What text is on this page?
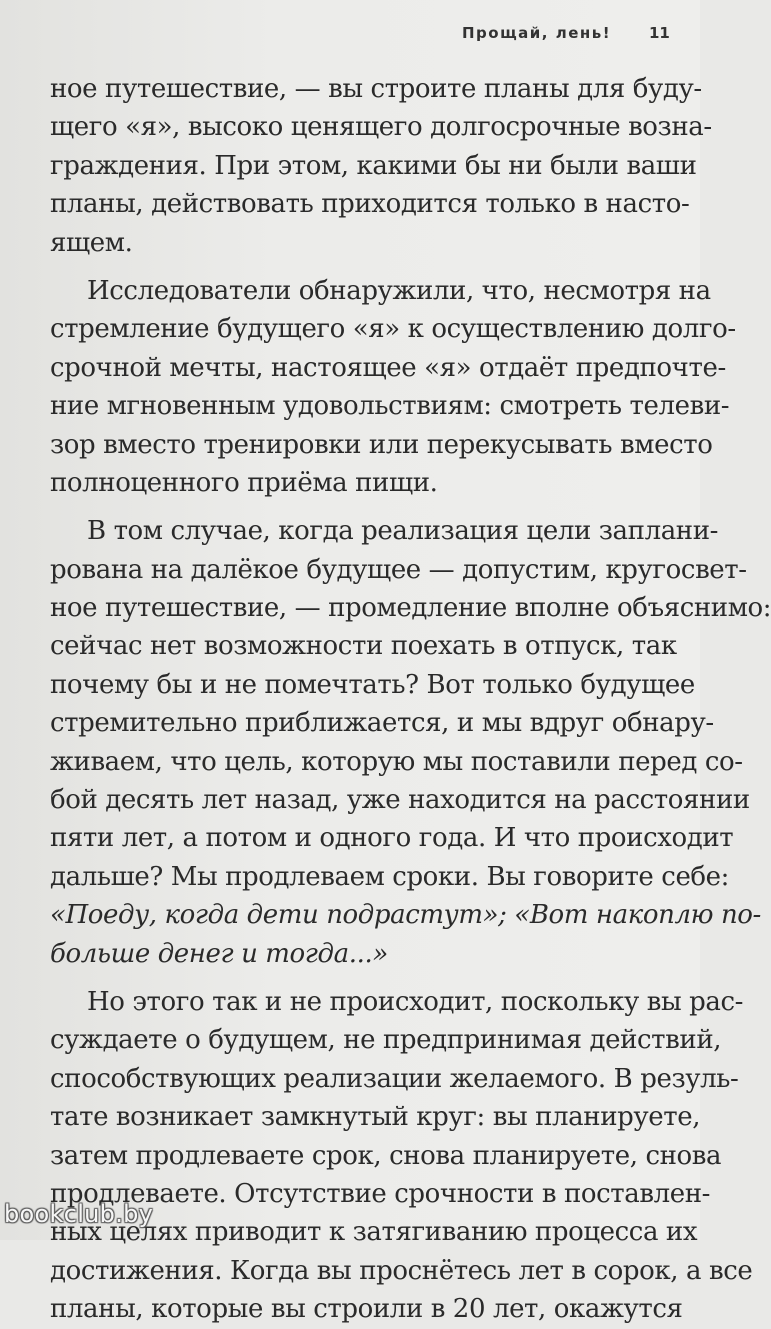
Прощай, лень!	11
ное путешествие, — вы строите планы для буду-
щего «я», высоко ценящего долгосрочные возна-
граждения. При этом, какими бы ни были ваши
планы, действовать приходится только в насто-
ящем.
Исследователи обнаружили, что, несмотря на
стремление будущего «я» к осуществлению долго-
срочной мечты, настоящее «я» отдаёт предпочте-
ние мгновенным удовольствиям: смотреть телеви-
зор вместо тренировки или перекусывать вместо
полноценного приёма пищи.
В том случае, когда реализация цели заплани-
рована на далёкое будущее — допустим, кругосвет-
ное путешествие, — промедление вполне объяснимо:
сейчас нет возможности поехать в отпуск, так
почему бы и не помечтать? Вот только будущее
стремительно приближается, и мы вдруг обнару-
живаем, что цель, которую мы поставили перед со-
бой десять лет назад, уже находится на расстоянии
пяти лет, а потом и одного года. И что происходит
дальше? Мы продлеваем сроки. Вы говорите себе:
«Поеду, когда дети подрастут»; «Вот накоплю по-
больше денег и тогда...»
Но этого так и не происходит, поскольку вы рас-
суждаете о будущем, не предпринимая действий,
способствующих реализации желаемого. В резуль-
тате возникает замкнутый круг: вы планируете,
затем продлеваете срок, снова планируете, снова
продлеваете. Отсутствие срочности в поставлен-
ных целях приводит к затягиванию процесса их
достижения. Когда вы проснётесь лет в сорок, а все
планы, которые вы строили в 20 лет, окажутся
bookclub.by
